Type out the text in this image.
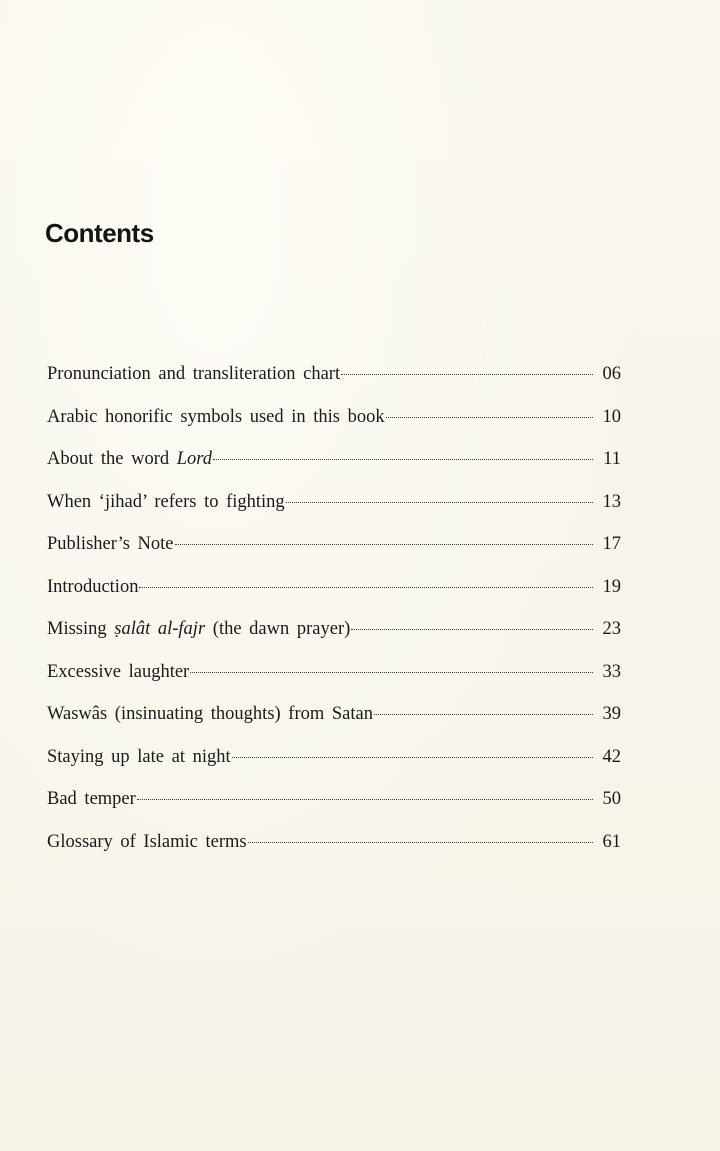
Contents
Pronunciation and transliteration chart	06
Arabic honorific symbols used in this book	10
About the word Lord	11
When ‘jihad’ refers to fighting	13
Publisher’s Note	17
Introduction	19
Missing ṣalât al-fajr (the dawn prayer)	23
Excessive laughter	33
Waswâs (insinuating thoughts) from Satan	39
Staying up late at night	42
Bad temper	50
Glossary of Islamic terms	61
